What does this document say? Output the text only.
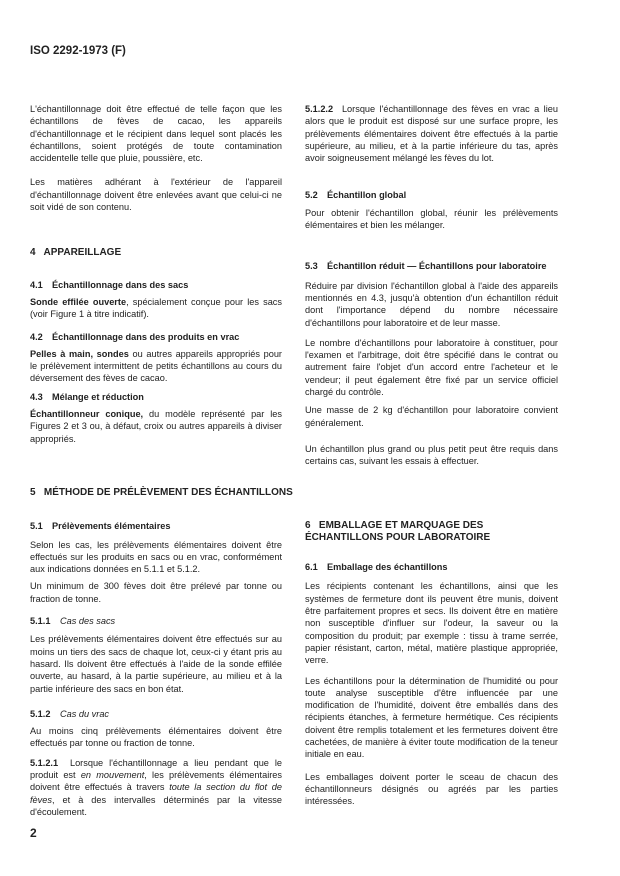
ISO 2292-1973 (F)

L'échantillonnage doit être effectué de telle façon que les échantillons de fèves de cacao, les appareils d'échantillonnage et le récipient dans lequel sont placés les échantillons, soient protégés de toute contamination accidentelle telle que pluie, poussière, etc.

Les matières adhérant à l'extérieur de l'appareil d'échantillonnage doivent être enlevées avant que celui-ci ne soit vidé de son contenu.

4   APPAREILLAGE
4.1 Échantillonnage dans des sacs

Sonde effilée ouverte, spécialement conçue pour les sacs (voir Figure 1 à titre indicatif).

4.2 Échantillonnage dans des produits en vrac

Pelles à main, sondes ou autres appareils appropriés pour le prélèvement intermittent de petits échantillons au cours du déversement des fèves de cacao.

4.3 Mélange et réduction

Échantillonneur conique, du modèle représenté par les Figures 2 et 3 ou, à défaut, croix ou autres appareils à diviser appropriés.

5   MÉTHODE DE PRÉLÈVEMENT DES ÉCHANTILLONS
5.1 Prélèvements élémentaires

Selon les cas, les prélèvements élémentaires doivent être effectués sur les produits en sacs ou en vrac, conformément aux indications données en 5.1.1 et 5.1.2.

Un minimum de 300 fèves doit être prélevé par tonne ou fraction de tonne.

5.1.1 Cas des sacs

Les prélèvements élémentaires doivent être effectués sur au moins un tiers des sacs de chaque lot, ceux-ci y étant pris au hasard. Ils doivent être effectués à l'aide de la sonde effilée ouverte, au hasard, à la partie supérieure, au milieu et à la partie inférieure des sacs en bon état.

5.1.2 Cas du vrac

Au moins cinq prélèvements élémentaires doivent être effectués par tonne ou fraction de tonne.

5.1.2.1  Lorsque l'échantillonnage a lieu pendant que le produit est en mouvement, les prélèvements élémentaires doivent être effectués à travers toute la section du flot de fèves, et à des intervalles déterminés par la vitesse d'écoulement.

2

5.1.2.2  Lorsque l'échantillonnage des fèves en vrac a lieu alors que le produit est disposé sur une surface propre, les prélèvements élémentaires doivent être effectués à la partie supérieure, au milieu, et à la partie inférieure du tas, après avoir soigneusement mélangé les fèves du lot.

5.2 Échantillon global

Pour obtenir l'échantillon global, réunir les prélèvements élémentaires et bien les mélanger.

5.3 Échantillon réduit — Échantillons pour laboratoire

Réduire par division l'échantillon global à l'aide des appareils mentionnés en 4.3, jusqu'à obtention d'un échantillon réduit dont l'importance dépend du nombre nécessaire d'échantillons pour laboratoire et de leur masse.

Le nombre d'échantillons pour laboratoire à constituer, pour l'examen et l'arbitrage, doit être spécifié dans le contrat ou autrement faire l'objet d'un accord entre l'acheteur et le vendeur; il peut également être fixé par un service officiel chargé du contrôle.

Une masse de 2 kg d'échantillon pour laboratoire convient généralement.

Un échantillon plus grand ou plus petit peut être requis dans certains cas, suivant les essais à effectuer.

6   EMBALLAGE ET MARQUAGE DES ÉCHANTILLONS POUR LABORATOIRE
6.1 Emballage des échantillons

Les récipients contenant les échantillons, ainsi que les systèmes de fermeture dont ils peuvent être munis, doivent être parfaitement propres et secs. Ils doivent être en matière non susceptible d'influer sur l'odeur, la saveur ou la composition du produit; par exemple : tissu à trame serrée, papier résistant, carton, métal, matière plastique appropriée, verre.

Les échantillons pour la détermination de l'humidité ou pour toute analyse susceptible d'être influencée par une modification de l'humidité, doivent être emballés dans des récipients étanches, à fermeture hermétique. Ces récipients doivent être remplis totalement et les fermetures doivent être cachetées, de manière à éviter toute modification de la teneur initiale en eau.

Les emballages doivent porter le sceau de chacun des échantillonneurs désignés ou agréés par les parties intéressées.
